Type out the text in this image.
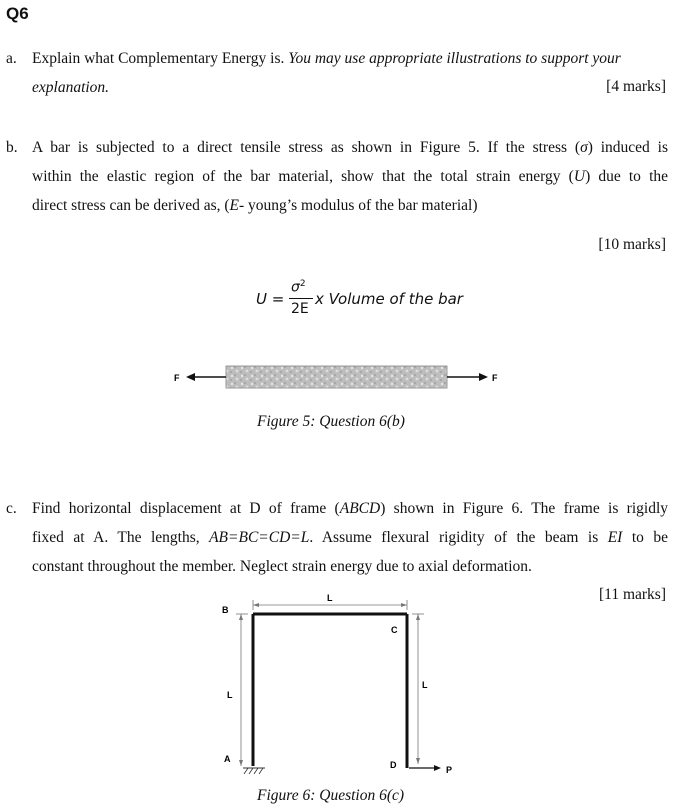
Q6
a. Explain what Complementary Energy is. You may use appropriate illustrations to support your explanation.	[4 marks]
b. A bar is subjected to a direct tensile stress as shown in Figure 5. If the stress (σ) induced is
within the elastic region of the bar material, show that the total strain energy (U) due to the
direct stress can be derived as, (E- young’s modulus of the bar material)
[10 marks]
U =
$\sigma^2$
2E
x Volume of the bar
F	F
Figure 5: Question 6(b)
c. Find horizontal displacement at D of frame (ABCD) shown in Figure 6. The frame is rigidly
fixed at A. The lengths, AB=BC=CD=L. Assume flexural rigidity of the beam is EI to be
constant throughout the member. Neglect strain energy due to axial deformation.
[11 marks]
L
L
L
B
C
A
D	P
Figure 6: Question 6(c)
